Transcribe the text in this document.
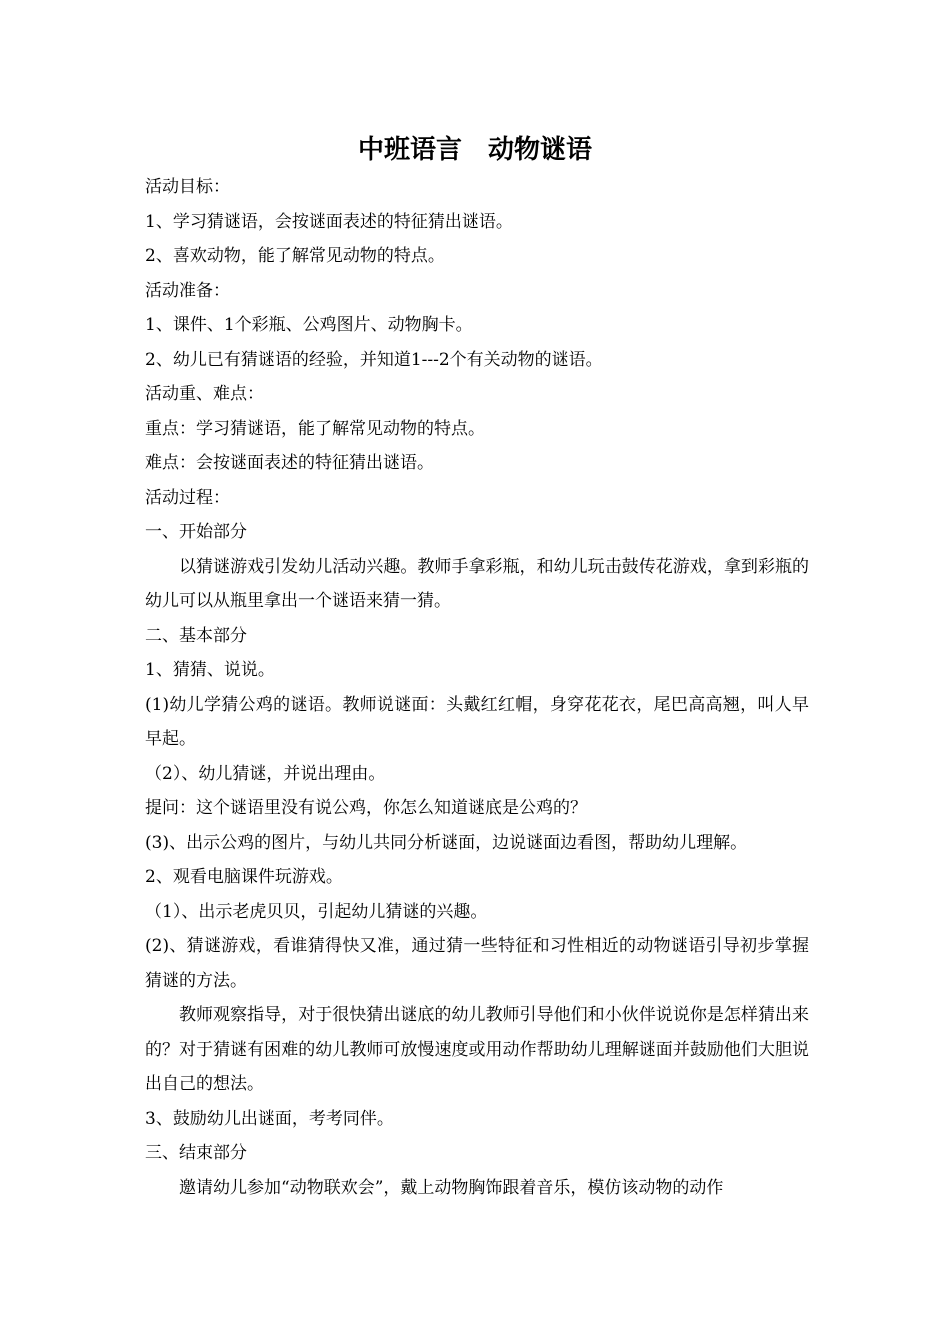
中班语言　动物谜语

活动目标：

1、学习猜谜语，会按谜面表述的特征猜出谜语。

2、喜欢动物，能了解常见动物的特点。

活动准备：

1、课件、1个彩瓶、公鸡图片、动物胸卡。

2、幼儿已有猜谜语的经验，并知道1---2个有关动物的谜语。

活动重、难点：

重点：学习猜谜语，能了解常见动物的特点。

难点：会按谜面表述的特征猜出谜语。

活动过程：

一、开始部分

以猜谜游戏引发幼儿活动兴趣。教师手拿彩瓶，和幼儿玩击鼓传花游戏，拿到彩瓶的幼儿可以从瓶里拿出一个谜语来猜一猜。

二、基本部分

1、猜猜、说说。

(1)幼儿学猜公鸡的谜语。教师说谜面：头戴红红帽，身穿花花衣，尾巴高高翘，叫人早早起。

（2）、幼儿猜谜，并说出理由。

提问：这个谜语里没有说公鸡，你怎么知道谜底是公鸡的？

(3)、出示公鸡的图片，与幼儿共同分析谜面，边说谜面边看图，帮助幼儿理解。

2、观看电脑课件玩游戏。

（1）、出示老虎贝贝，引起幼儿猜谜的兴趣。

(2)、猜谜游戏，看谁猜得快又准，通过猜一些特征和习性相近的动物谜语引导初步掌握猜谜的方法。

教师观察指导，对于很快猜出谜底的幼儿教师引导他们和小伙伴说说你是怎样猜出来的？对于猜谜有困难的幼儿教师可放慢速度或用动作帮助幼儿理解谜面并鼓励他们大胆说出自己的想法。

3、鼓励幼儿出谜面，考考同伴。

三、结束部分

邀请幼儿参加“动物联欢会”，戴上动物胸饰跟着音乐，模仿该动物的动作
